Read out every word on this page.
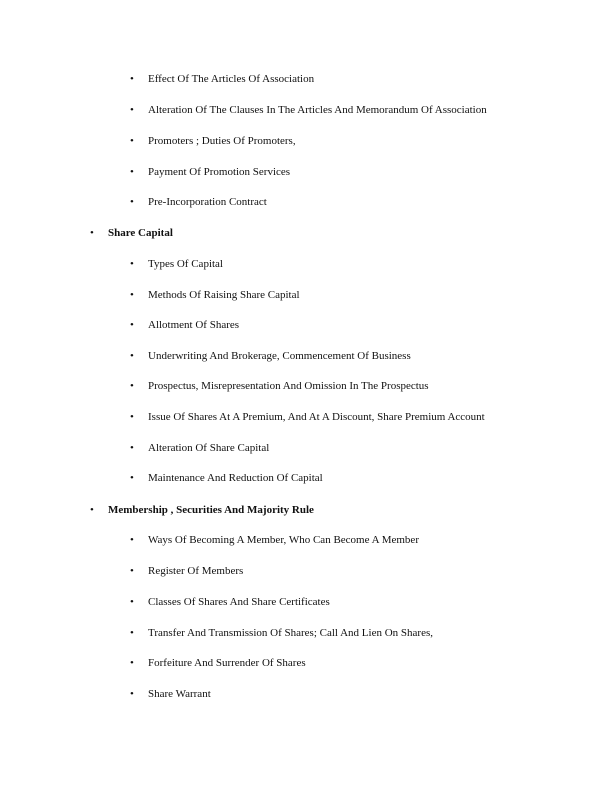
• Effect Of The Articles Of Association
• Alteration Of The Clauses In The Articles And Memorandum Of Association
• Promoters ; Duties Of Promoters,
• Payment Of Promotion Services
• Pre-Incorporation Contract
• Share Capital
• Types Of Capital
• Methods Of Raising Share Capital
• Allotment Of Shares
• Underwriting And Brokerage, Commencement Of Business
• Prospectus, Misrepresentation And Omission In The Prospectus
• Issue Of Shares At A Premium, And At A Discount, Share Premium Account
• Alteration Of Share Capital
• Maintenance And Reduction Of Capital
• Membership , Securities And Majority Rule
• Ways Of Becoming A Member, Who Can Become A Member
• Register Of Members
• Classes Of Shares And Share Certificates
• Transfer And Transmission Of Shares; Call And Lien On Shares,
• Forfeiture And Surrender Of Shares
• Share Warrant
